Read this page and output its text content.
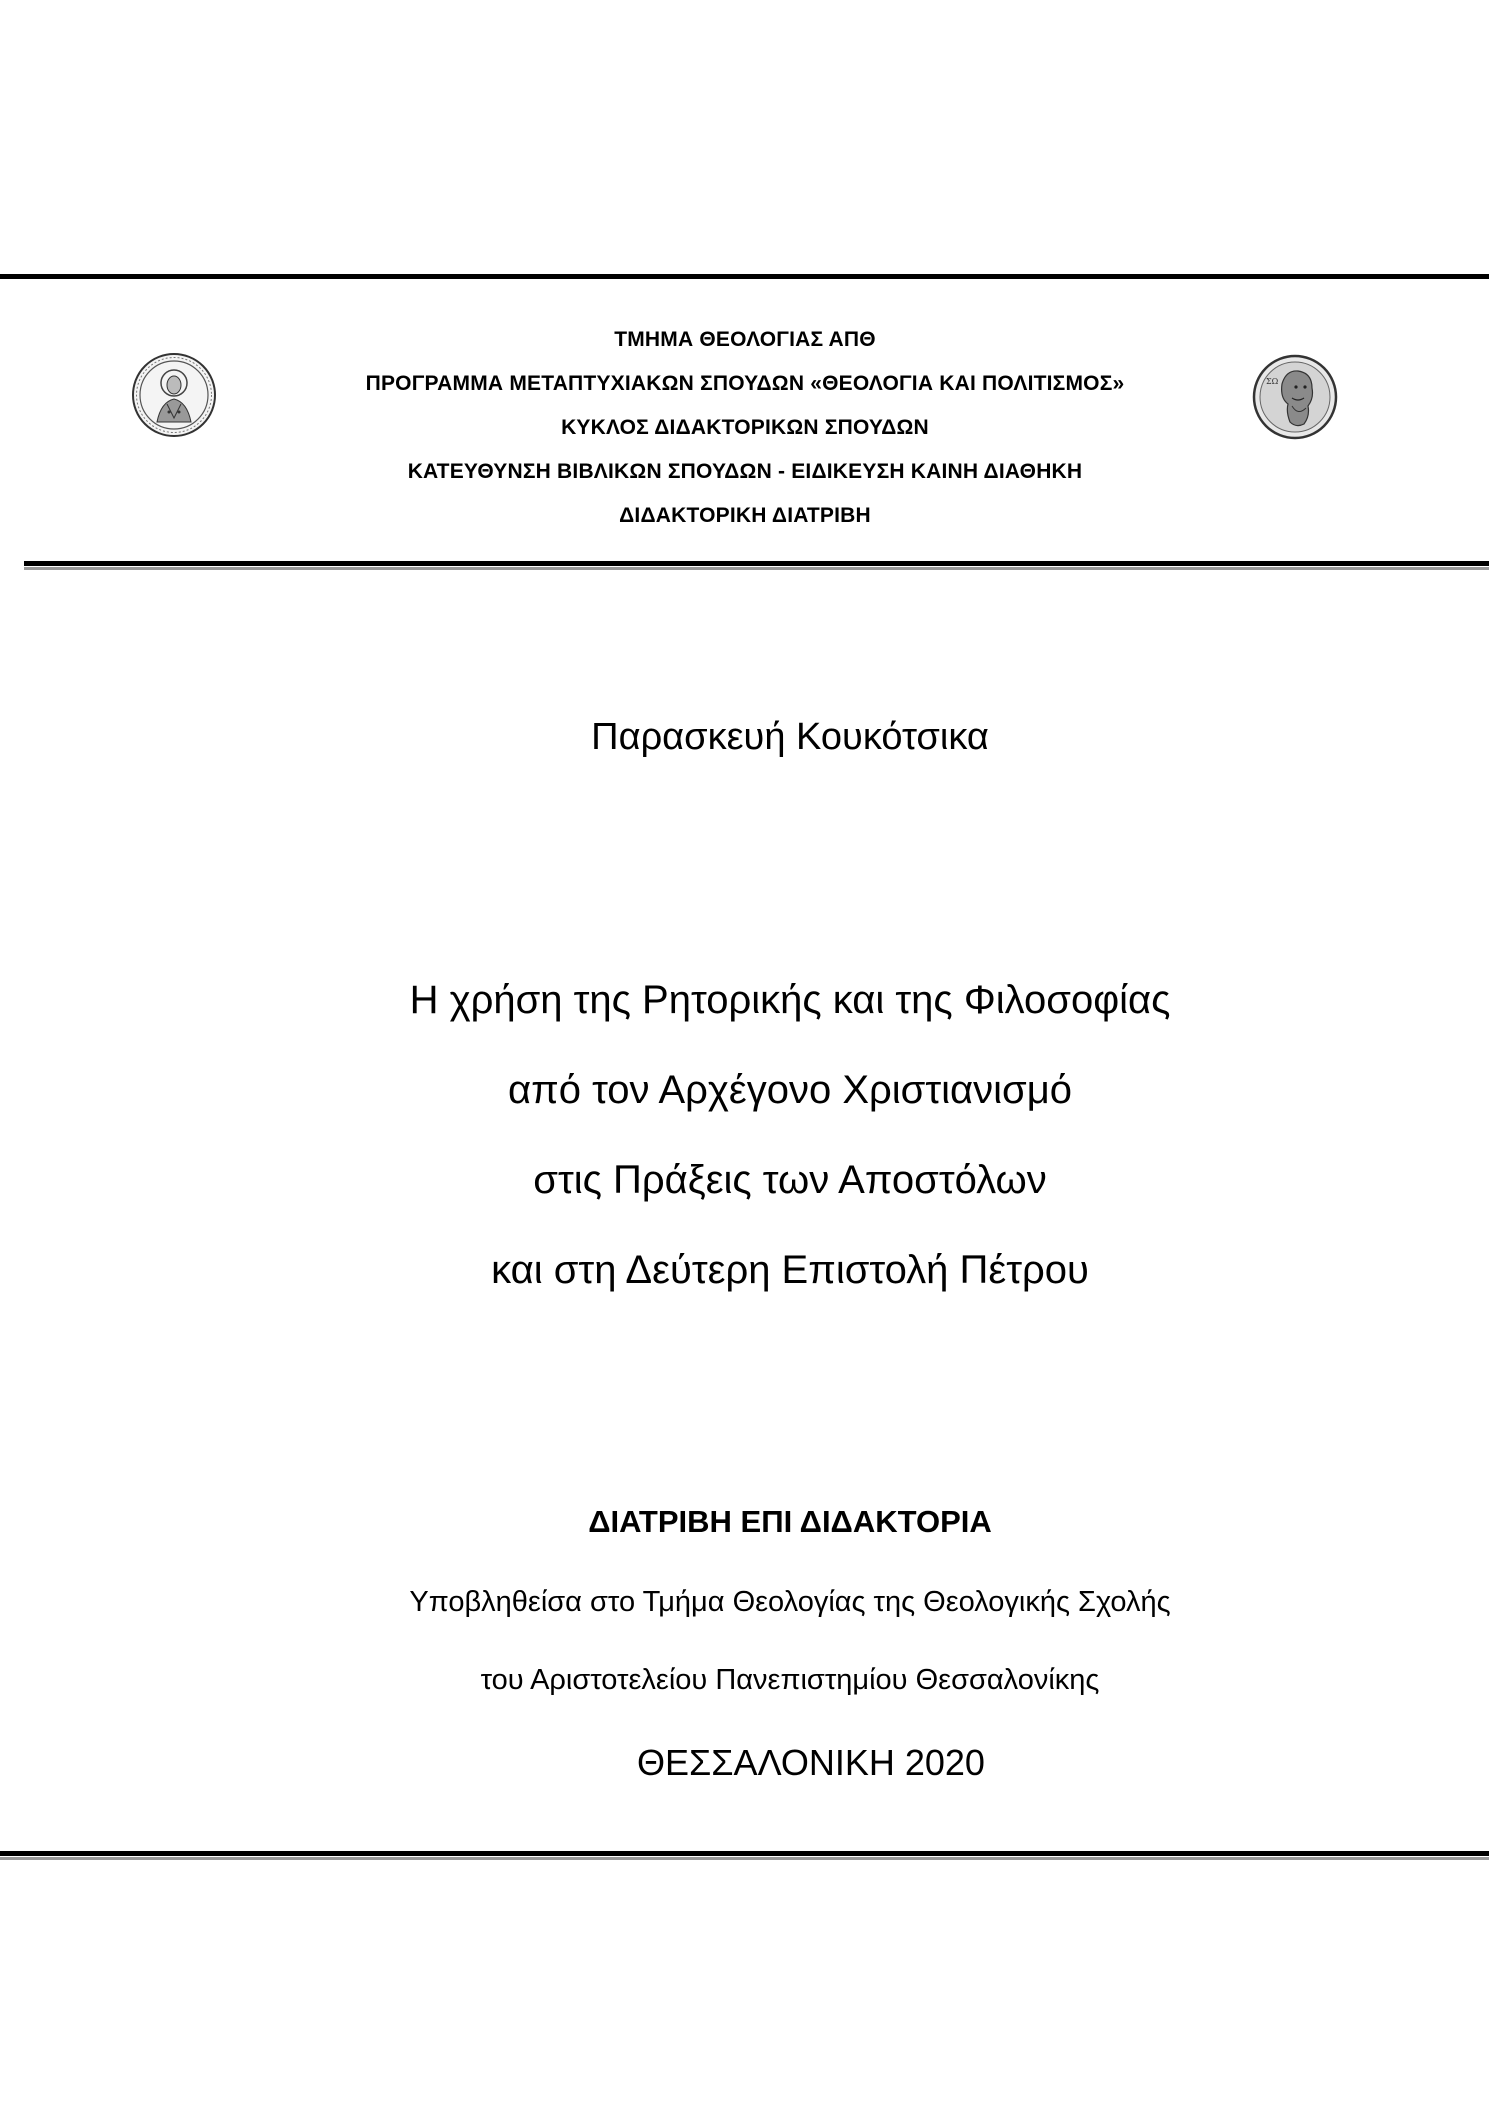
ΣΩ
ΤΜΗΜΑ ΘΕΟΛΟΓΙΑΣ ΑΠΘ
ΠΡΟΓΡΑΜΜΑ ΜΕΤΑΠΤΥΧΙΑΚΩΝ ΣΠΟΥΔΩΝ «ΘΕΟΛΟΓΙΑ ΚΑΙ ΠΟΛΙΤΙΣΜΟΣ»
ΚΥΚΛΟΣ ΔΙΔΑΚΤΟΡΙΚΩΝ ΣΠΟΥΔΩΝ
ΚΑΤΕΥΘΥΝΣΗ ΒΙΒΛΙΚΩΝ ΣΠΟΥΔΩΝ - ΕΙΔΙΚΕΥΣΗ ΚΑΙΝΗ ΔΙΑΘΗΚΗ
ΔΙΔΑΚΤΟΡΙΚΗ ΔΙΑΤΡΙΒΗ
Παρασκευή Κουκότσικα
Η χρήση της Ρητορικής και της Φιλοσοφίας
από τον Αρχέγονο Χριστιανισμό
στις Πράξεις των Αποστόλων
και στη Δεύτερη Επιστολή Πέτρου
ΔΙΑΤΡΙΒΗ ΕΠΙ ΔΙΔΑΚΤΟΡΙΑ
Υποβληθείσα στο Τμήμα Θεολογίας της Θεολογικής Σχολής
του Αριστοτελείου Πανεπιστημίου Θεσσαλονίκης
ΘΕΣΣΑΛΟΝΙΚΗ 2020
